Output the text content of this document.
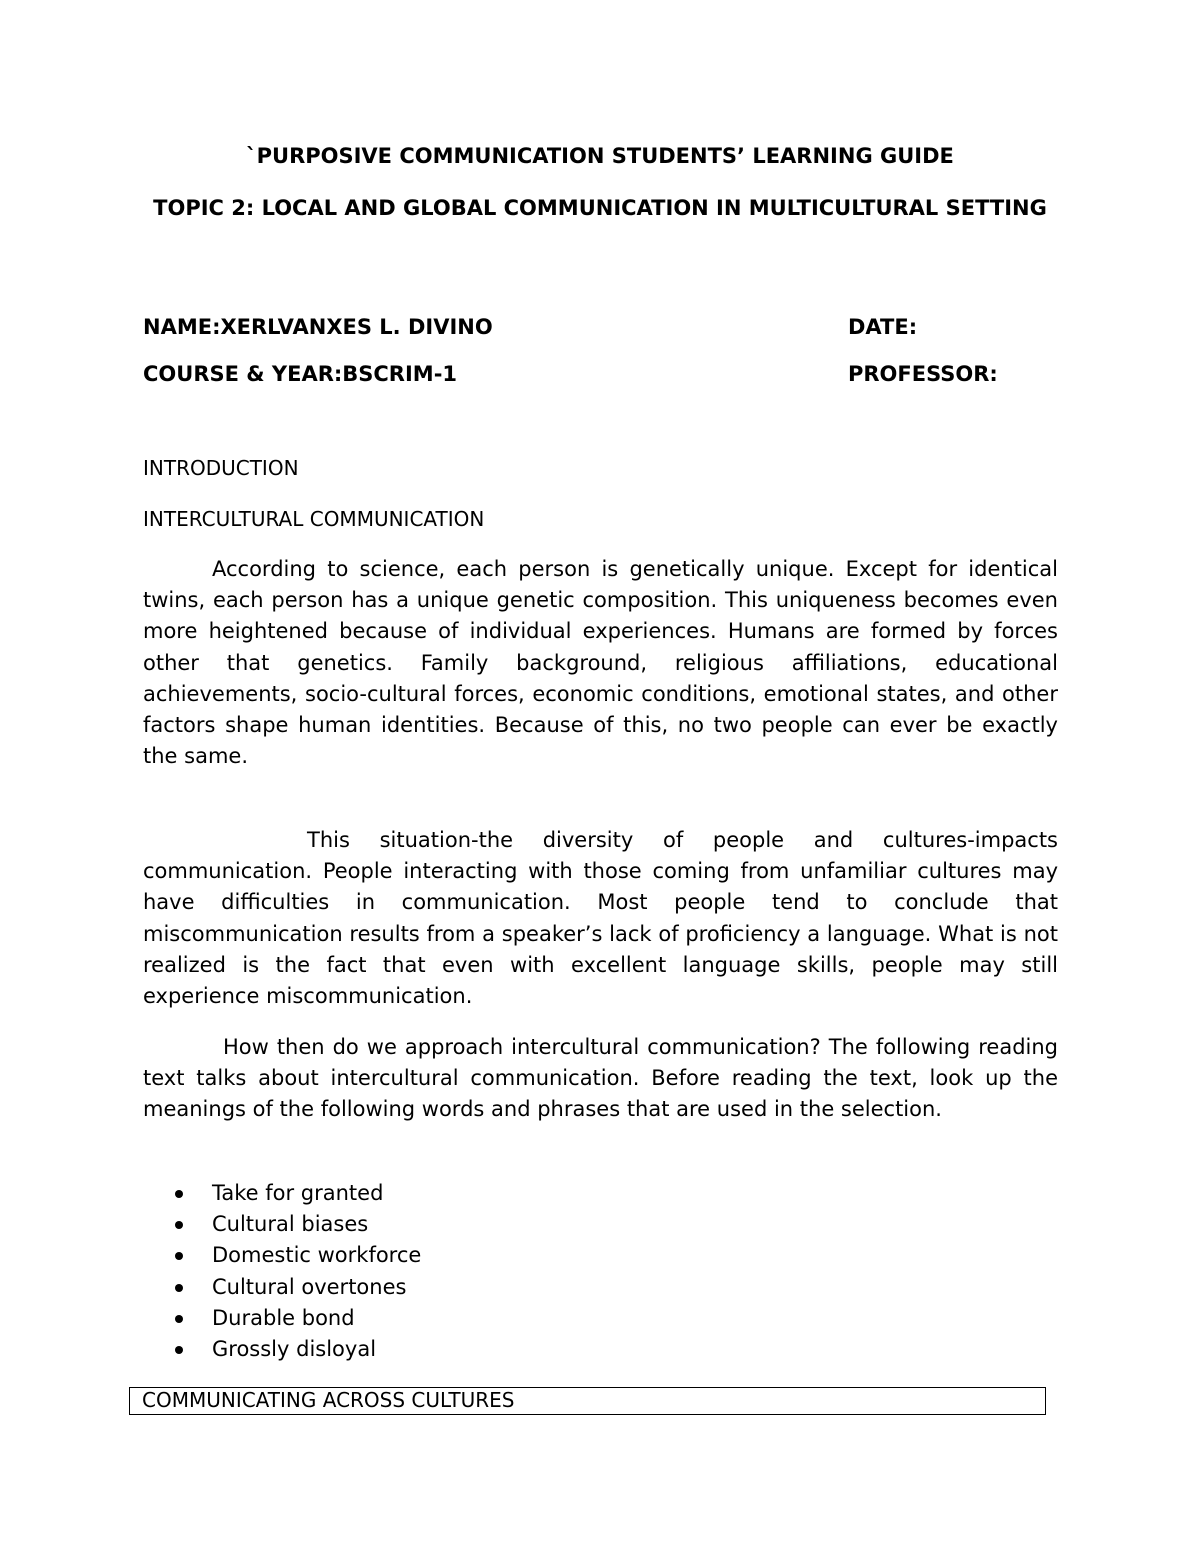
`PURPOSIVE COMMUNICATION STUDENTS’ LEARNING GUIDE
TOPIC 2: LOCAL AND GLOBAL COMMUNICATION IN MULTICULTURAL SETTING
NAME:XERLVANXES L. DIVINO	DATE:
COURSE & YEAR:BSCRIM-1	PROFESSOR:
INTRODUCTION
INTERCULTURAL COMMUNICATION

According to science, each person is genetically unique. Except for identical twins, each person has a unique genetic composition. This uniqueness becomes even more heightened because of individual experiences. Humans are formed by forces other that genetics. Family background, religious affiliations, educational achievements, socio-cultural forces, economic conditions, emotional states, and other factors shape human identities. Because of this, no two people can ever be exactly the same.

This situation-the diversity of people and cultures-impacts communication. People interacting with those coming from unfamiliar cultures may have difficulties in communication. Most people tend to conclude that miscommunication results from a speaker’s lack of proficiency a language. What is not realized is the fact that even with excellent language skills, people may still experience miscommunication.

How then do we approach intercultural communication? The following reading text talks about intercultural communication. Before reading the text, look up the meanings of the following words and phrases that are used in the selection.

Take for granted
Cultural biases
Domestic workforce
Cultural overtones
Durable bond
Grossly disloyal
COMMUNICATING ACROSS CULTURES
